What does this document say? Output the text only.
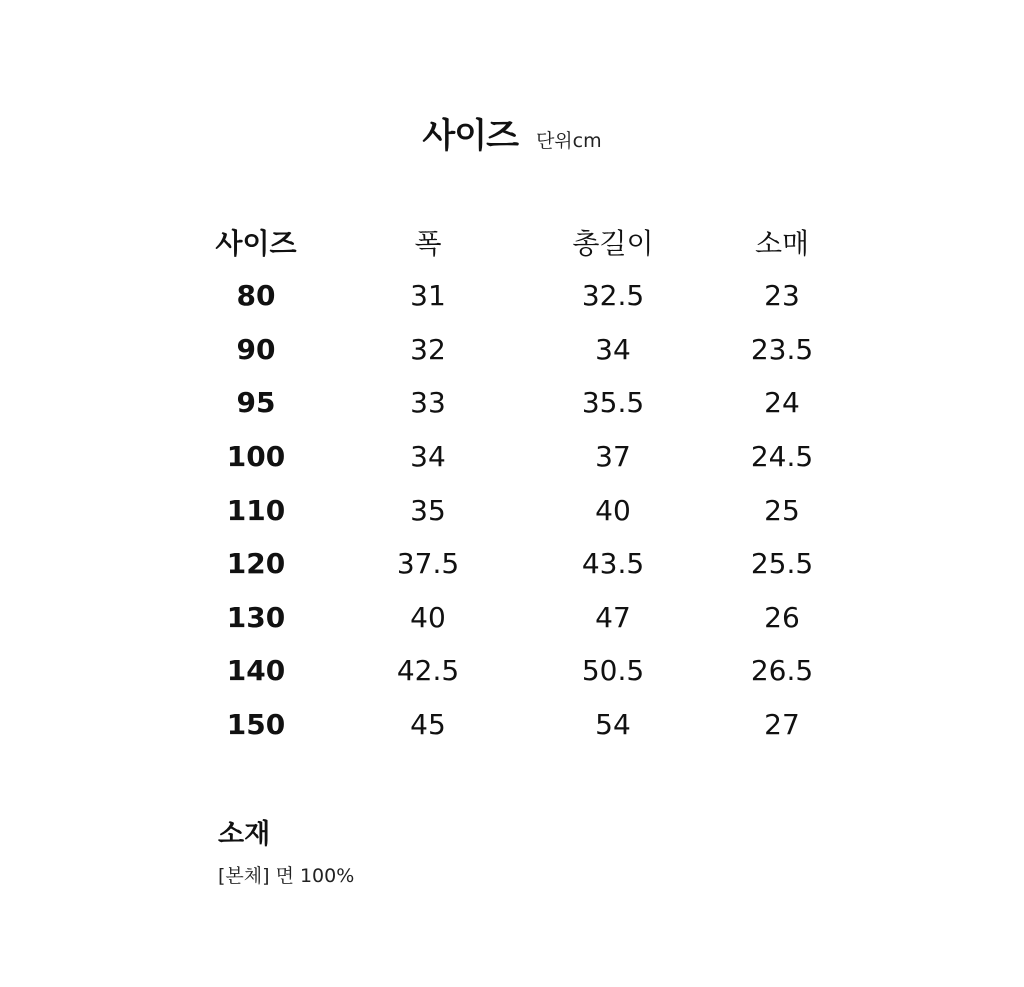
사이즈 단위cm
사이즈	폭	총길이	소매
80	31	32.5	23
90	32	34	23.5
95	33	35.5	24
100	34	37	24.5
110	35	40	25
120	37.5	43.5	25.5
130	40	47	26
140	42.5	50.5	26.5
150	45	54	27
소재
[본체] 면 100%
